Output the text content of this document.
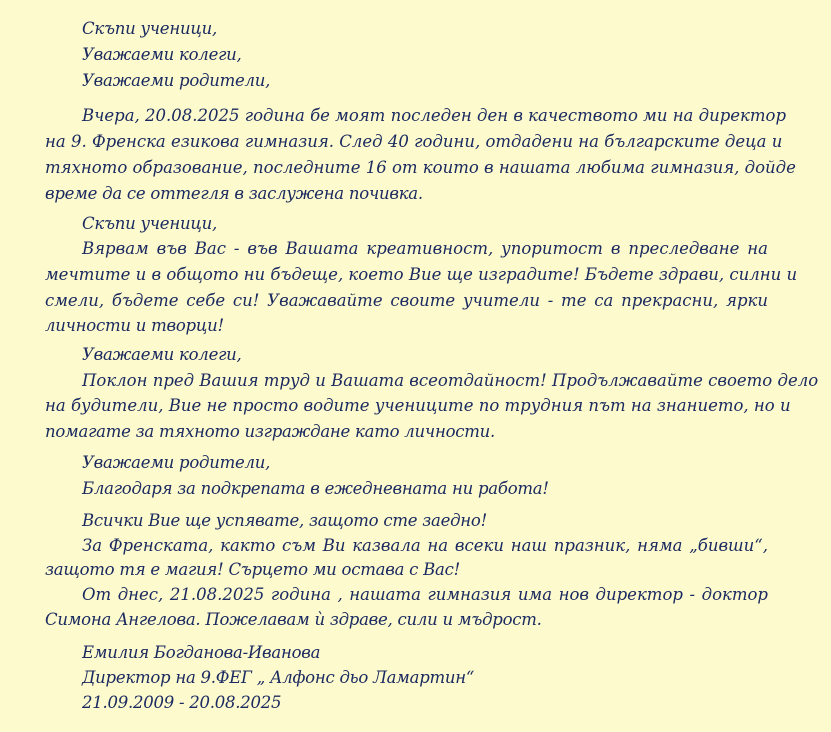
Скъпи ученици,
Уважаеми колеги,
Уважаеми родители,
Вчера, 20.08.2025 година бе моят последен ден в качеството ми на директор
на 9. Френска езикова гимназия. След 40 години, отдадени на българските деца и
тяхното образование, последните 16 от които в нашата любима гимназия, дойде
време да се оттегля в заслужена почивка.
Скъпи ученици,
Вярвам във Вас - във Вашата креативност, упоритост в преследване на
мечтите и в общото ни бъдеще, което Вие ще изградите! Бъдете здрави, силни и
смели, бъдете себе си! Уважавайте своите учители - те са прекрасни, ярки
личности и творци!
Уважаеми колеги,
Поклон пред Вашия труд и Вашата всеотдайност! Продължавайте своето дело
на будители, Вие не просто водите учениците по трудния път на знанието, но и
помагате за тяхното изграждане като личности.
Уважаеми родители,
Благодаря за подкрепата в ежедневната ни работа!
Всички Вие ще успявате, защото сте заедно!
За Френската, както съм Ви казвала на всеки наш празник, няма „бивши“,
защото тя е магия! Сърцето ми остава с Вас!
От днес, 21.08.2025 година , нашата гимназия има нов директор - доктор
Симона Ангелова. Пожелавам ѝ здраве, сили и мъдрост.
Емилия Богданова-Иванова
Директор на 9.ФЕГ „ Алфонс дьо Ламартин“
21.09.2009 - 20.08.2025
